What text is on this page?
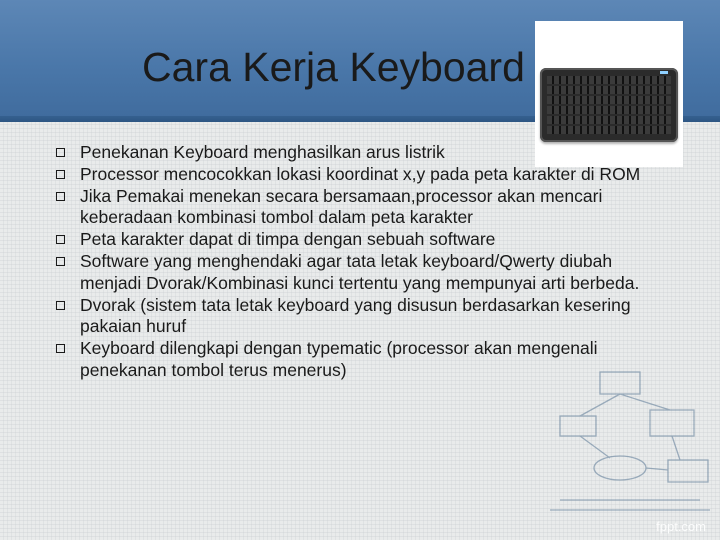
Cara Kerja Keyboard
Penekanan Keyboard menghasilkan arus listrik
Processor mencocokkan lokasi koordinat x,y pada peta karakter di ROM
Jika Pemakai menekan secara bersamaan,processor akan mencari keberadaan kombinasi tombol dalam peta karakter
Peta karakter dapat di timpa dengan sebuah software
Software yang menghendaki agar tata letak keyboard/Qwerty diubah menjadi Dvorak/Kombinasi kunci tertentu yang mempunyai arti berbeda.
Dvorak (sistem tata letak keyboard yang disusun berdasarkan kesering pakaian huruf
Keyboard dilengkapi dengan typematic (processor akan mengenali penekanan tombol terus menerus)
fppt.com
